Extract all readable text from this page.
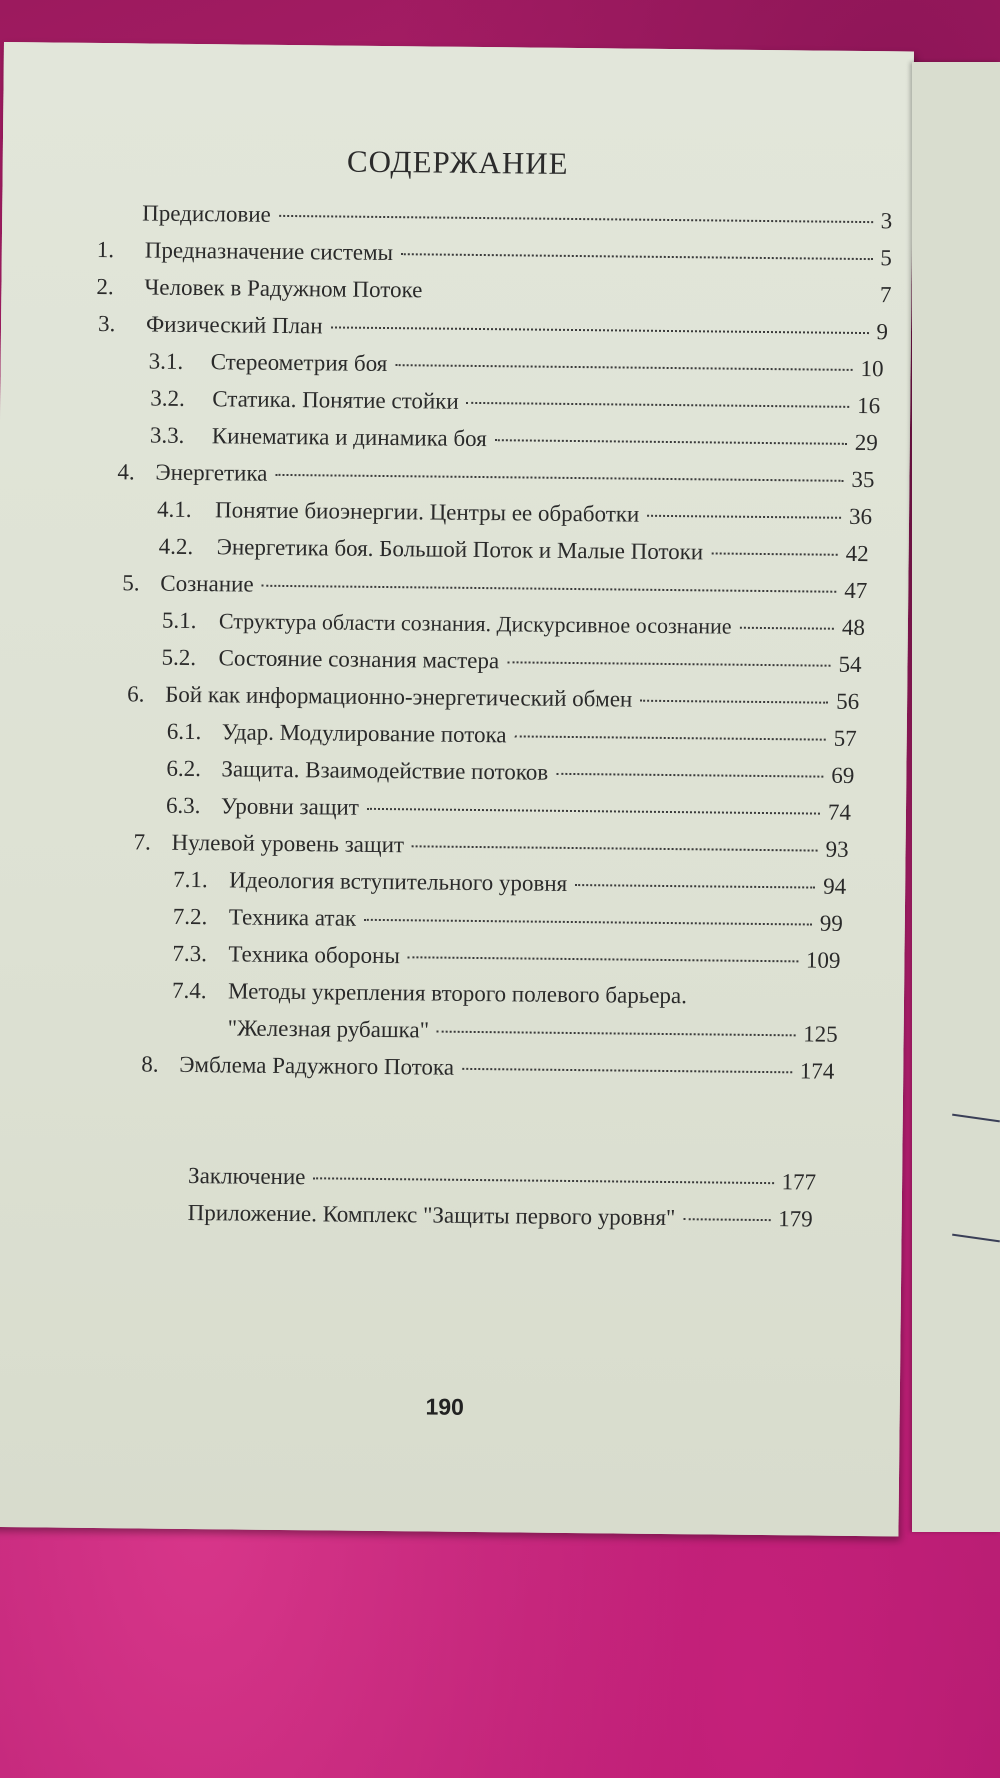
СОДЕРЖАНИЕ
Предисловие	3
1.	Предназначение системы	5
2.	Человек в Радужном Потоке	7
3.	Физический План	9
3.1.	Стереометрия боя	10
3.2.	Статика. Понятие стойки	16
3.3.	Кинематика и динамика боя	29
4. Энергетика	35
4.1.	Понятие биоэнергии. Центры ее обработки	36
4.2.	Энергетика боя. Большой Поток и Малые Потоки	42
5. Сознание	47
5.1.	Структура области сознания. Дискурсивное осознание	48
5.2. Состояние сознания мастера	54
6. Бой как информационно-энергетический обмен	56
6.1. Удар. Модулирование потока	57
6.2. Защита. Взаимодействие потоков	69
6.3. Уровни защит	74
7. Нулевой уровень защит	93
7.1. Идеология вступительного уровня	94
7.2. Техника атак	99
7.3. Техника обороны	109
7.4. Методы укрепления второго полевого барьера.
"Железная рубашка"	125
8. Эмблема Радужного Потока	174
Заключение	177
Приложение. Комплекс "Защиты первого уровня"	179
190
